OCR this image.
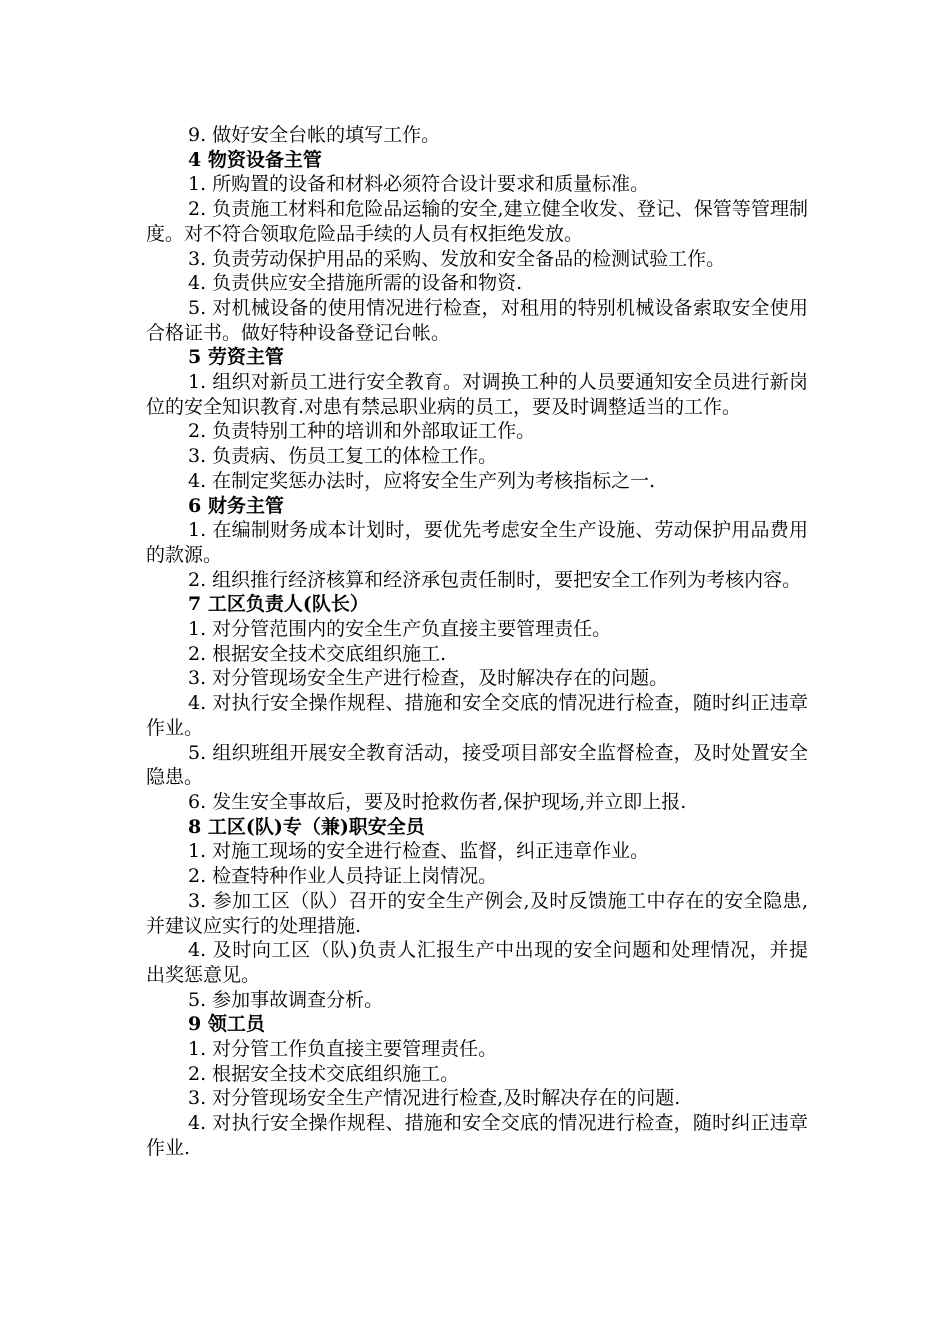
9. 做好安全台帐的填写工作。

4 物资设备主管

1. 所购置的设备和材料必须符合设计要求和质量标准。

2. 负责施工材料和危险品运输的安全,建立健全收发、登记、保管等管理制度。对不符合领取危险品手续的人员有权拒绝发放。

3. 负责劳动保护用品的采购、发放和安全备品的检测试验工作。

4. 负责供应安全措施所需的设备和物资.

5. 对机械设备的使用情况进行检查，对租用的特别机械设备索取安全使用合格证书。做好特种设备登记台帐。

5 劳资主管

1. 组织对新员工进行安全教育。对调换工种的人员要通知安全员进行新岗位的安全知识教育.对患有禁忌职业病的员工，要及时调整适当的工作。

2. 负责特别工种的培训和外部取证工作。

3. 负责病、伤员工复工的体检工作。

4. 在制定奖惩办法时，应将安全生产列为考核指标之一.

6 财务主管

1. 在编制财务成本计划时，要优先考虑安全生产设施、劳动保护用品费用的款源。

2. 组织推行经济核算和经济承包责任制时，要把安全工作列为考核内容。

7 工区负责人(队长）

1. 对分管范围内的安全生产负直接主要管理责任。

2. 根据安全技术交底组织施工.

3. 对分管现场安全生产进行检查，及时解决存在的问题。

4. 对执行安全操作规程、措施和安全交底的情况进行检查，随时纠正违章作业。

5. 组织班组开展安全教育活动，接受项目部安全监督检查，及时处置安全隐患。

6. 发生安全事故后，要及时抢救伤者,保护现场,并立即上报.

8 工区(队)专（兼)职安全员

1. 对施工现场的安全进行检查、监督，纠正违章作业。

2. 检查特种作业人员持证上岗情况。

3. 参加工区（队）召开的安全生产例会,及时反馈施工中存在的安全隐患,并建议应实行的处理措施.

4. 及时向工区（队)负责人汇报生产中出现的安全问题和处理情况，并提出奖惩意见。

5. 参加事故调查分析。

9 领工员

1. 对分管工作负直接主要管理责任。

2. 根据安全技术交底组织施工。

3. 对分管现场安全生产情况进行检查,及时解决存在的问题.

4. 对执行安全操作规程、措施和安全交底的情况进行检查，随时纠正违章作业.
